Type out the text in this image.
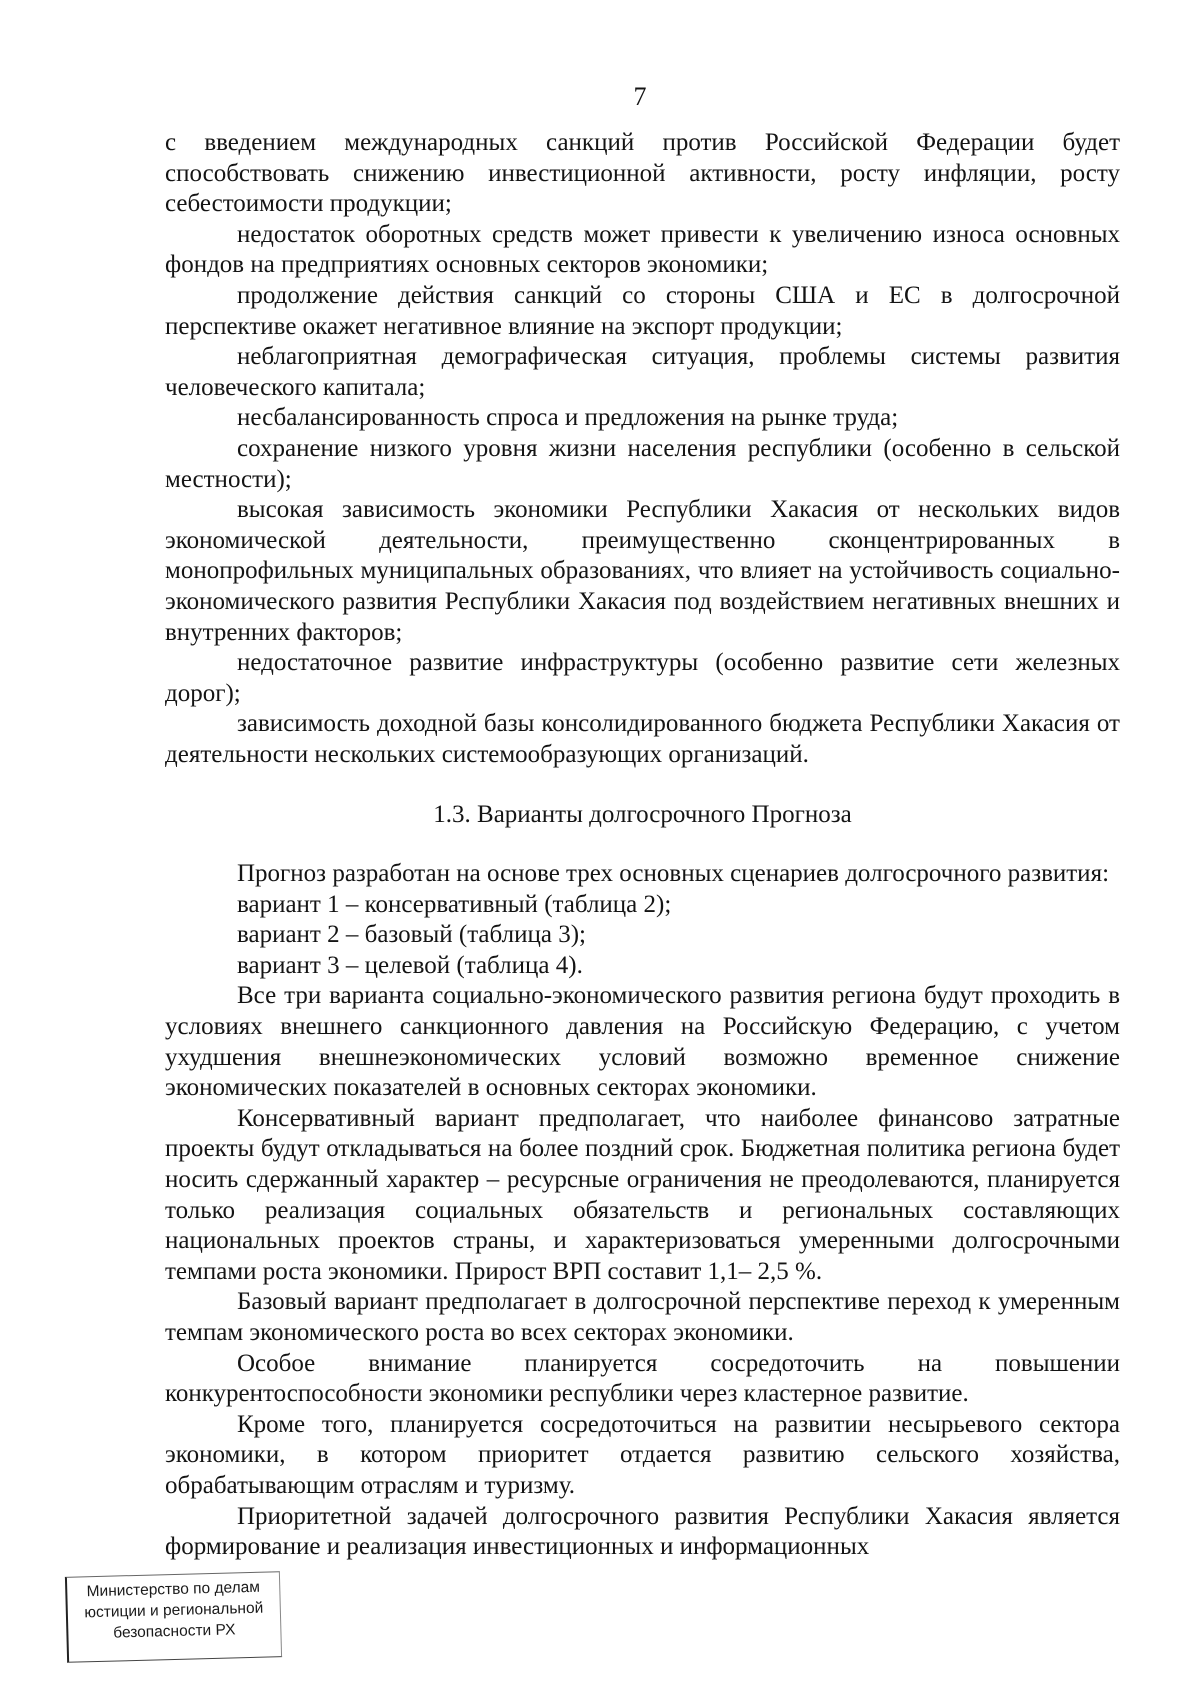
7

с введением международных санкций против Российской Федерации будет способствовать снижению инвестиционной активности, росту инфляции, росту себестоимости продукции;

недостаток оборотных средств может привести к увеличению износа основных фондов на предприятиях основных секторов экономики;

продолжение действия санкций со стороны США и ЕС в долгосрочной перспективе окажет негативное влияние на экспорт продукции;

неблагоприятная демографическая ситуация, проблемы системы развития человеческого капитала;

несбалансированность спроса и предложения на рынке труда;

сохранение низкого уровня жизни населения республики (особенно в сельской местности);

высокая зависимость экономики Республики Хакасия от нескольких видов экономической деятельности, преимущественно сконцентрированных в монопрофильных муниципальных образованиях, что влияет на устойчивость социально-экономического развития Республики Хакасия под воздействием негативных внешних и внутренних факторов;

недостаточное развитие инфраструктуры (особенно развитие сети железных дорог);

зависимость доходной базы консолидированного бюджета Республики Хакасия от деятельности нескольких системообразующих организаций.

1.3. Варианты долгосрочного Прогноза

Прогноз разработан на основе трех основных сценариев долгосрочного развития:

вариант 1 – консервативный (таблица 2);

вариант 2 – базовый (таблица 3);

вариант 3 – целевой (таблица 4).

Все три варианта социально-экономического развития региона будут проходить в условиях внешнего санкционного давления на Российскую Федерацию, с учетом ухудшения внешнеэкономических условий возможно временное снижение экономических показателей в основных секторах экономики.

Консервативный вариант предполагает, что наиболее финансово затратные проекты будут откладываться на более поздний срок. Бюджетная политика региона будет носить сдержанный характер – ресурсные ограничения не преодолеваются, планируется только реализация социальных обязательств и региональных составляющих национальных проектов страны, и характеризоваться умеренными долгосрочными темпами роста экономики. Прирост ВРП составит 1,1– 2,5 %.

Базовый вариант предполагает в долгосрочной перспективе переход к умеренным темпам экономического роста во всех секторах экономики.

Особое внимание планируется сосредоточить на повышении конкурентоспособности экономики республики через кластерное развитие.

Кроме того, планируется сосредоточиться на развитии несырьевого сектора экономики, в котором приоритет отдается развитию сельского хозяйства, обрабатывающим отраслям и туризму.

Приоритетной задачей долгосрочного развития Республики Хакасия является формирование и реализация инвестиционных и информационных

Министерство по делам
юстиции и региональной
безопасности РХ
